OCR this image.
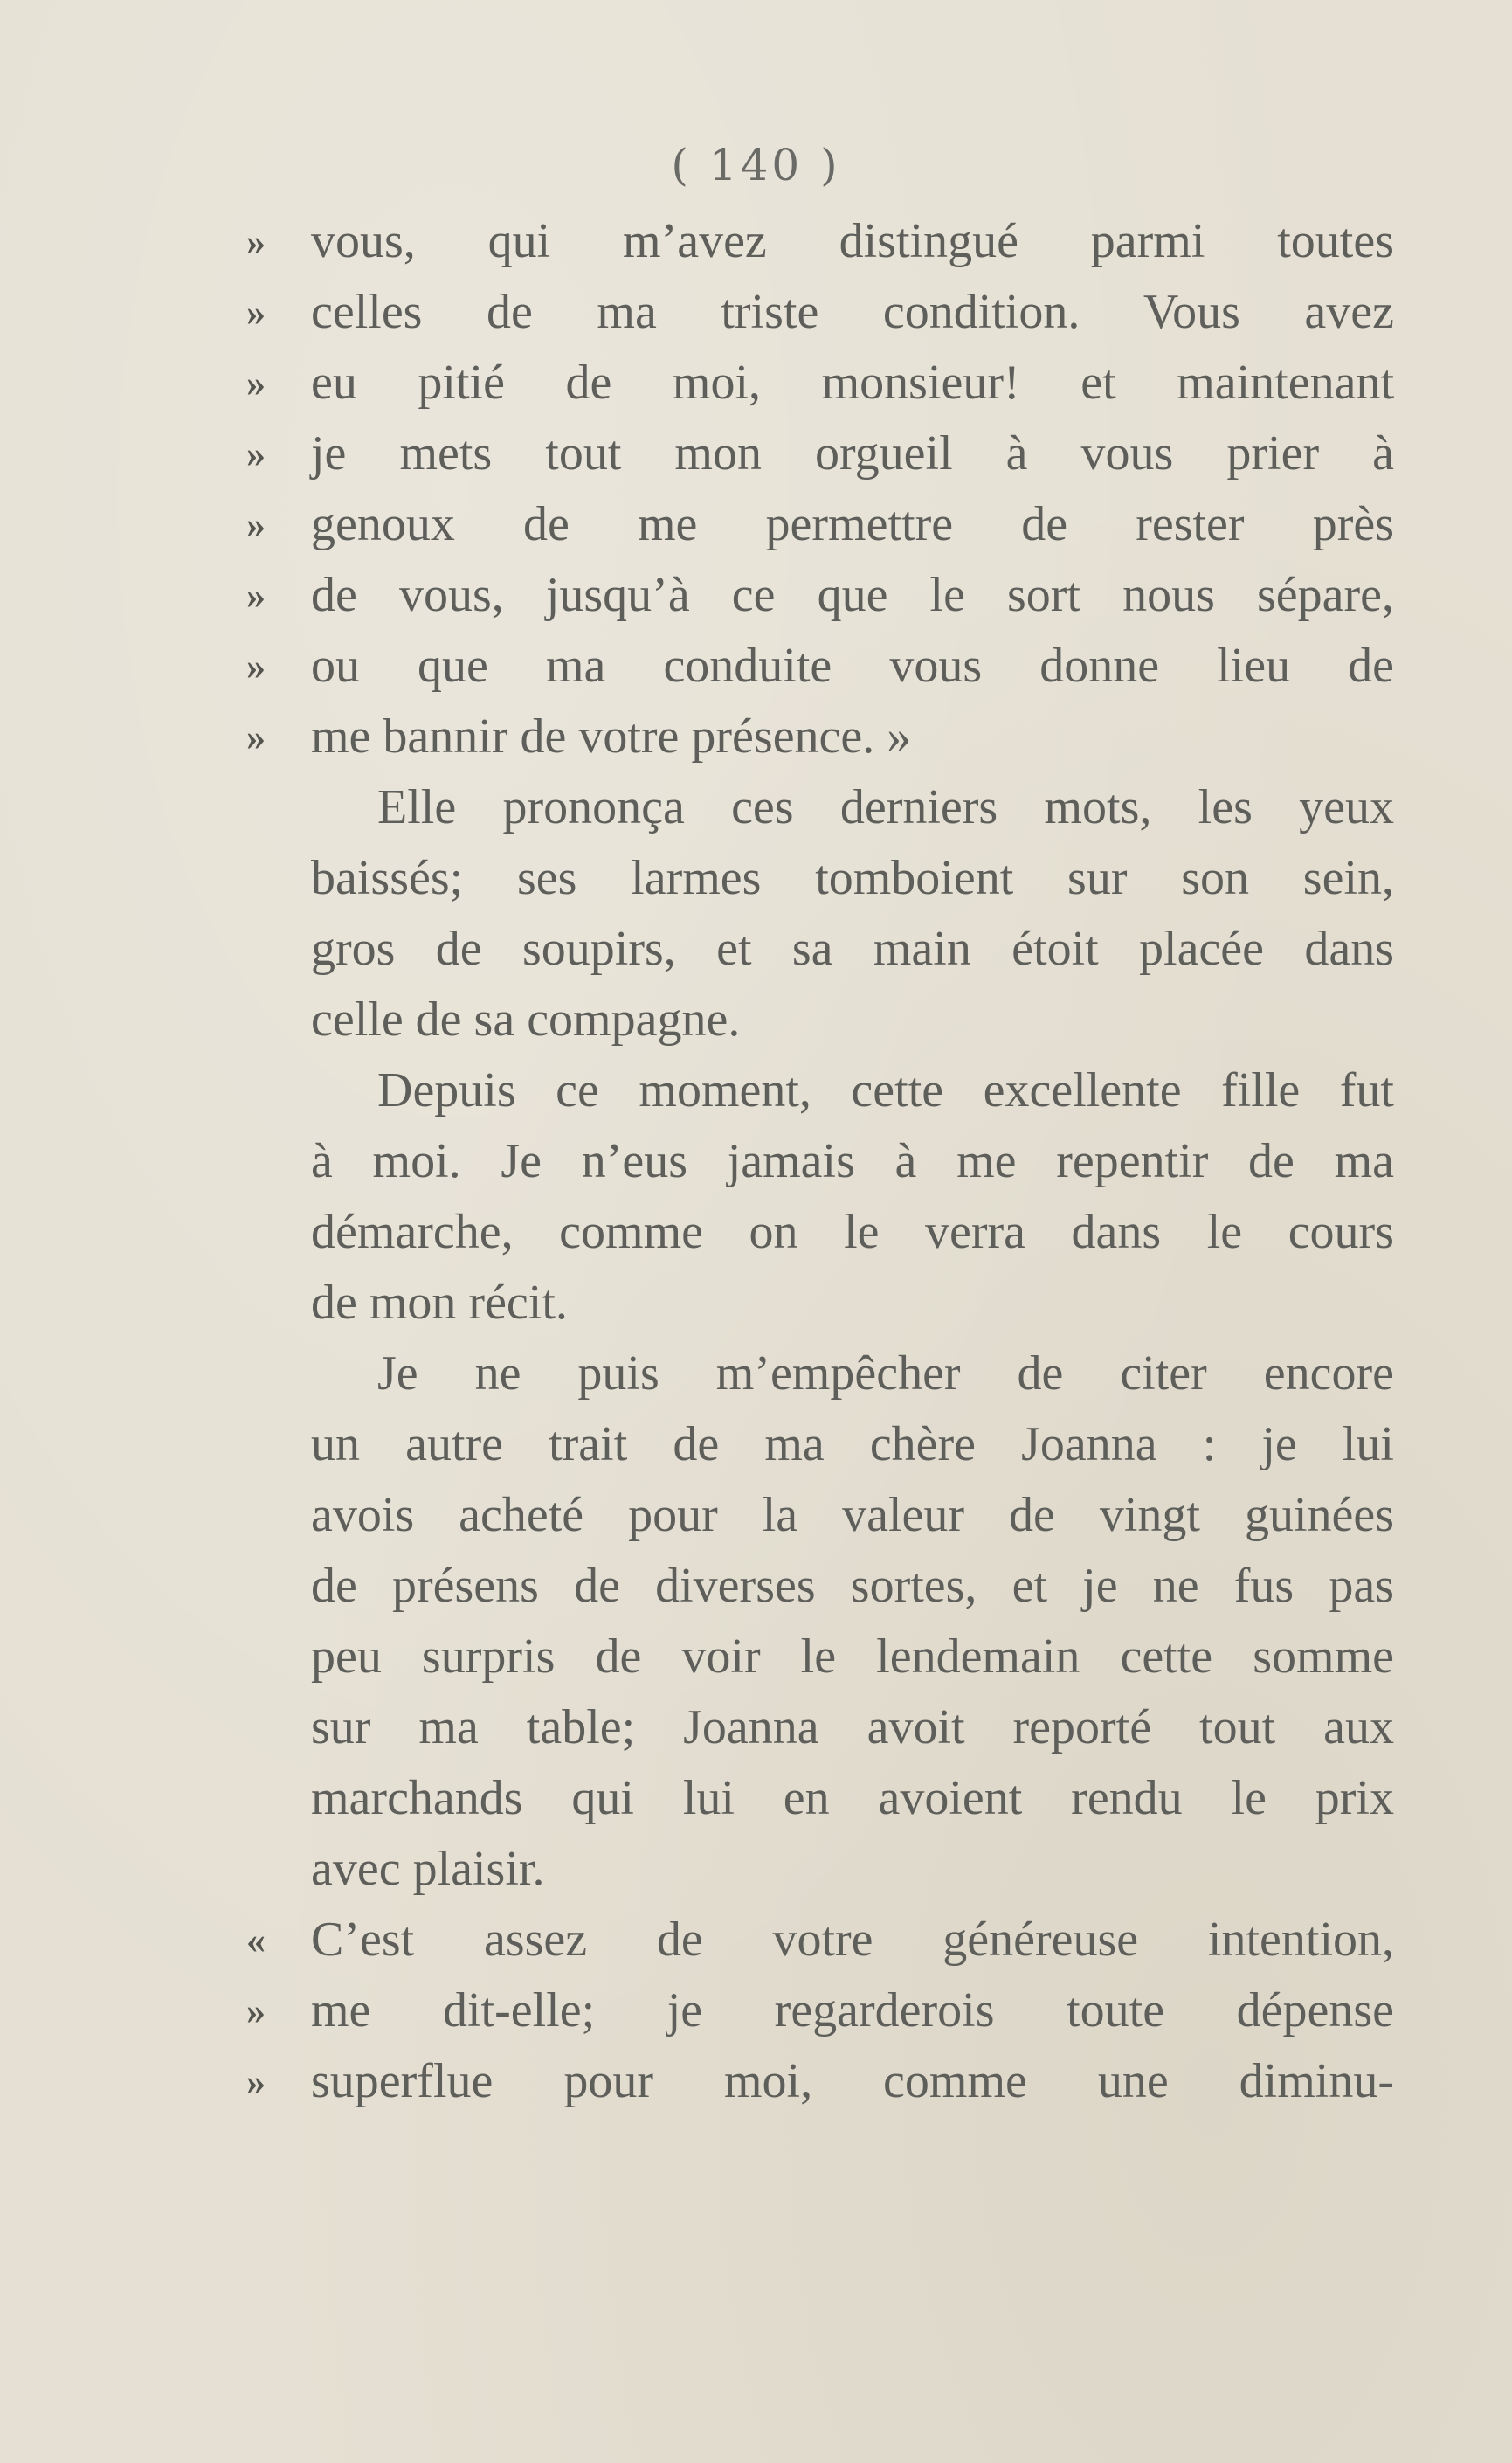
( 140 )
» vous, qui m’avez distingué parmi toutes
» celles de ma triste condition. Vous avez
» eu pitié de moi, monsieur! et maintenant
» je mets tout mon orgueil à vous prier à
» genoux de me permettre de rester près
» de vous, jusqu’à ce que le sort nous sépare,
» ou que ma conduite vous donne lieu de
» me bannir de votre présence. »
Elle prononça ces derniers mots, les yeux
baissés; ses larmes tomboient sur son sein,
gros de soupirs, et sa main étoit placée dans
celle de sa compagne.
Depuis ce moment, cette excellente fille fut
à moi. Je n’eus jamais à me repentir de ma
démarche, comme on le verra dans le cours
de mon récit.
Je ne puis m’empêcher de citer encore
un autre trait de ma chère Joanna : je lui
avois acheté pour la valeur de vingt guinées
de présens de diverses sortes, et je ne fus pas
peu surpris de voir le lendemain cette somme
sur ma table; Joanna avoit reporté tout aux
marchands qui lui en avoient rendu le prix
avec plaisir.
« C’est assez de votre généreuse intention,
» me dit-elle; je regarderois toute dépense
» superflue pour moi, comme une diminu-
